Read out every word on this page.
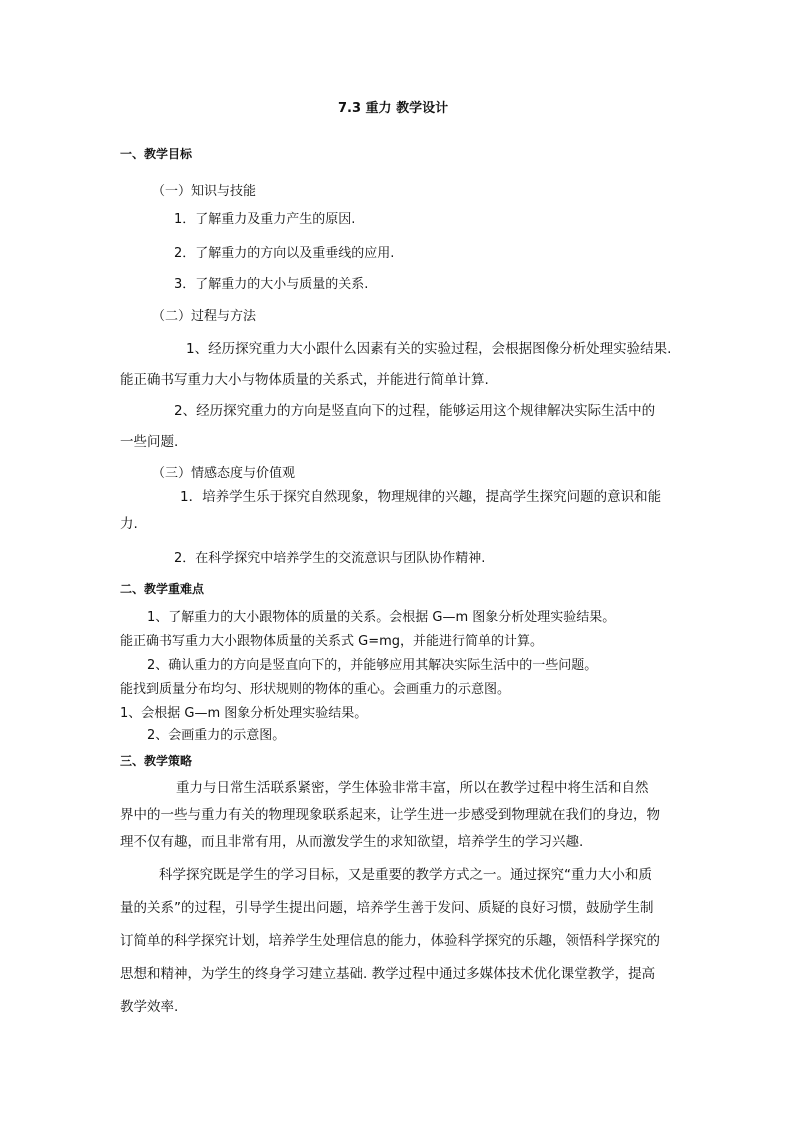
7.3 重力 教学设计
一、教学目标
（一）知识与技能
1．了解重力及重力产生的原因.
2．了解重力的方向以及重垂线的应用.
3．了解重力的大小与质量的关系.
（二）过程与方法
1、经历探究重力大小跟什么因素有关的实验过程，会根据图像分析处理实验结果.
能正确书写重力大小与物体质量的关系式，并能进行简单计算.
2、经历探究重力的方向是竖直向下的过程，能够运用这个规律解决实际生活中的
一些问题.
（三）情感态度与价值观
1．培养学生乐于探究自然现象，物理规律的兴趣，提高学生探究问题的意识和能
力.
2．在科学探究中培养学生的交流意识与团队协作精神.
二、教学重难点
1、了解重力的大小跟物体的质量的关系。会根据 G—m 图象分析处理实验结果。
能正确书写重力大小跟物体质量的关系式 G=mg，并能进行简单的计算。
2、确认重力的方向是竖直向下的，并能够应用其解决实际生活中的一些问题。
能找到质量分布均匀、形状规则的物体的重心。会画重力的示意图。
1、会根据 G—m 图象分析处理实验结果。
2、会画重力的示意图。
三、教学策略
重力与日常生活联系紧密，学生体验非常丰富，所以在教学过程中将生活和自然
界中的一些与重力有关的物理现象联系起来，让学生进一步感受到物理就在我们的身边，物
理不仅有趣，而且非常有用，从而激发学生的求知欲望，培养学生的学习兴趣.
科学探究既是学生的学习目标，又是重要的教学方式之一。通过探究“重力大小和质
量的关系”的过程，引导学生提出问题，培养学生善于发问、质疑的良好习惯，鼓励学生制
订简单的科学探究计划，培养学生处理信息的能力，体验科学探究的乐趣，领悟科学探究的
思想和精神，为学生的终身学习建立基础. 教学过程中通过多媒体技术优化课堂教学，提高
教学效率.
